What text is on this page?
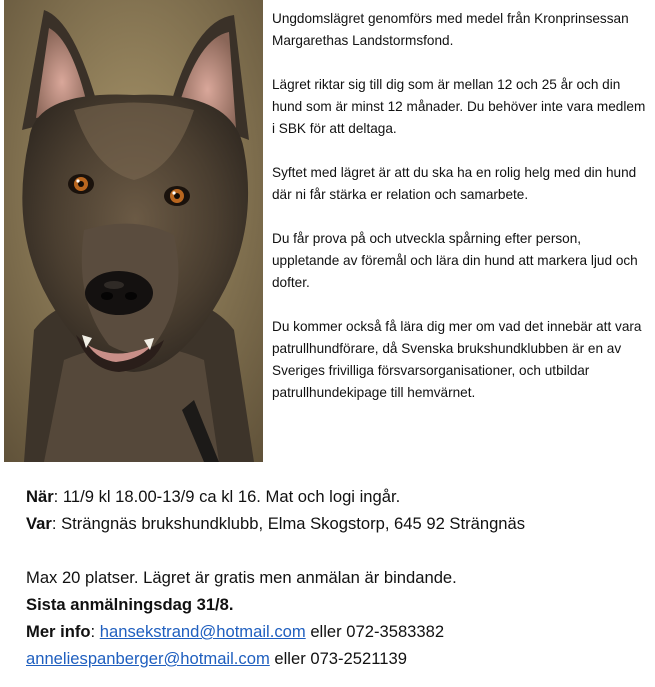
Ungdomslägret genomförs med medel från Kronprinsessan Margarethas Landstormsfond.

Lägret riktar sig till dig som är mellan 12 och 25 år och din hund som är minst 12 månader. Du behöver inte vara medlem i SBK för att deltaga.

Syftet med lägret är att du ska ha en rolig helg med din hund där ni får stärka er relation och samarbete.

Du får prova på och utveckla spårning efter person, uppletande av föremål och lära din hund att markera ljud och dofter.

Du kommer också få lära dig mer om vad det innebär att vara patrullhundförare, då Svenska brukshundklubben är en av Sveriges frivilliga försvarsorganisationer, och utbildar patrullhundekipage till hemvärnet.

När: 11/9 kl 18.00-13/9 ca kl 16. Mat och logi ingår.
Var: Strängnäs brukshundklubb, Elma Skogstorp, 645 92 Strängnäs
Max 20 platser. Lägret är gratis men anmälan är bindande.
Sista anmälningsdag 31/8.
Mer info: hansekstrand@hotmail.com eller 072-3583382
anneliespanberger@hotmail.com eller 073-2521139
